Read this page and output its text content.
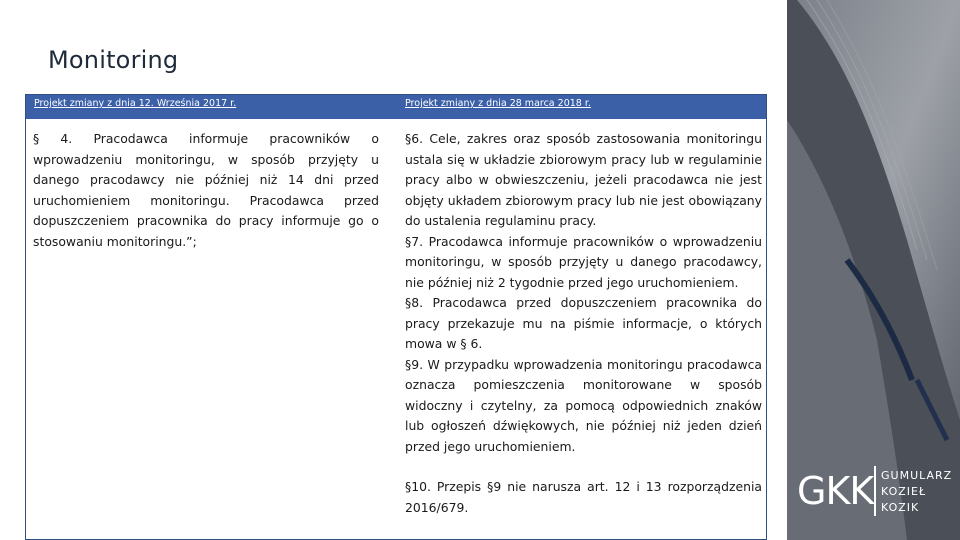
Monitoring
Projekt zmiany z dnia 12. Września 2017 r.	Projekt zmiany z dnia 28 marca 2018 r.

§ 4. Pracodawca informuje pracowników o wprowadzeniu monitoringu, w sposób przyjęty u danego pracodawcy nie później niż 14 dni przed uruchomieniem monitoringu. Pracodawca przed dopuszczeniem pracownika do pracy informuje go o stosowaniu monitoringu.”;

§6. Cele, zakres oraz sposób zastosowania monitoringu ustala się w układzie zbiorowym pracy lub w regulaminie pracy albo w obwieszczeniu, jeżeli pracodawca nie jest objęty układem zbiorowym pracy lub nie jest obowiązany do ustalenia regulaminu pracy.

§7. Pracodawca informuje pracowników o wprowadzeniu monitoringu, w sposób przyjęty u danego pracodawcy, nie później niż 2 tygodnie przed jego uruchomieniem.

§8. Pracodawca przed dopuszczeniem pracownika do pracy przekazuje mu na piśmie informacje, o których mowa w § 6.

§9. W przypadku wprowadzenia monitoringu pracodawca oznacza pomieszczenia monitorowane w sposób widoczny i czytelny, za pomocą odpowiednich znaków lub ogłoszeń dźwiękowych, nie później niż jeden dzień przed jego uruchomieniem.

§10. Przepis §9 nie narusza art. 12 i 13 rozporządzenia 2016/679.	GKK GUMULARZ
KOZIEŁ
KOZIK
